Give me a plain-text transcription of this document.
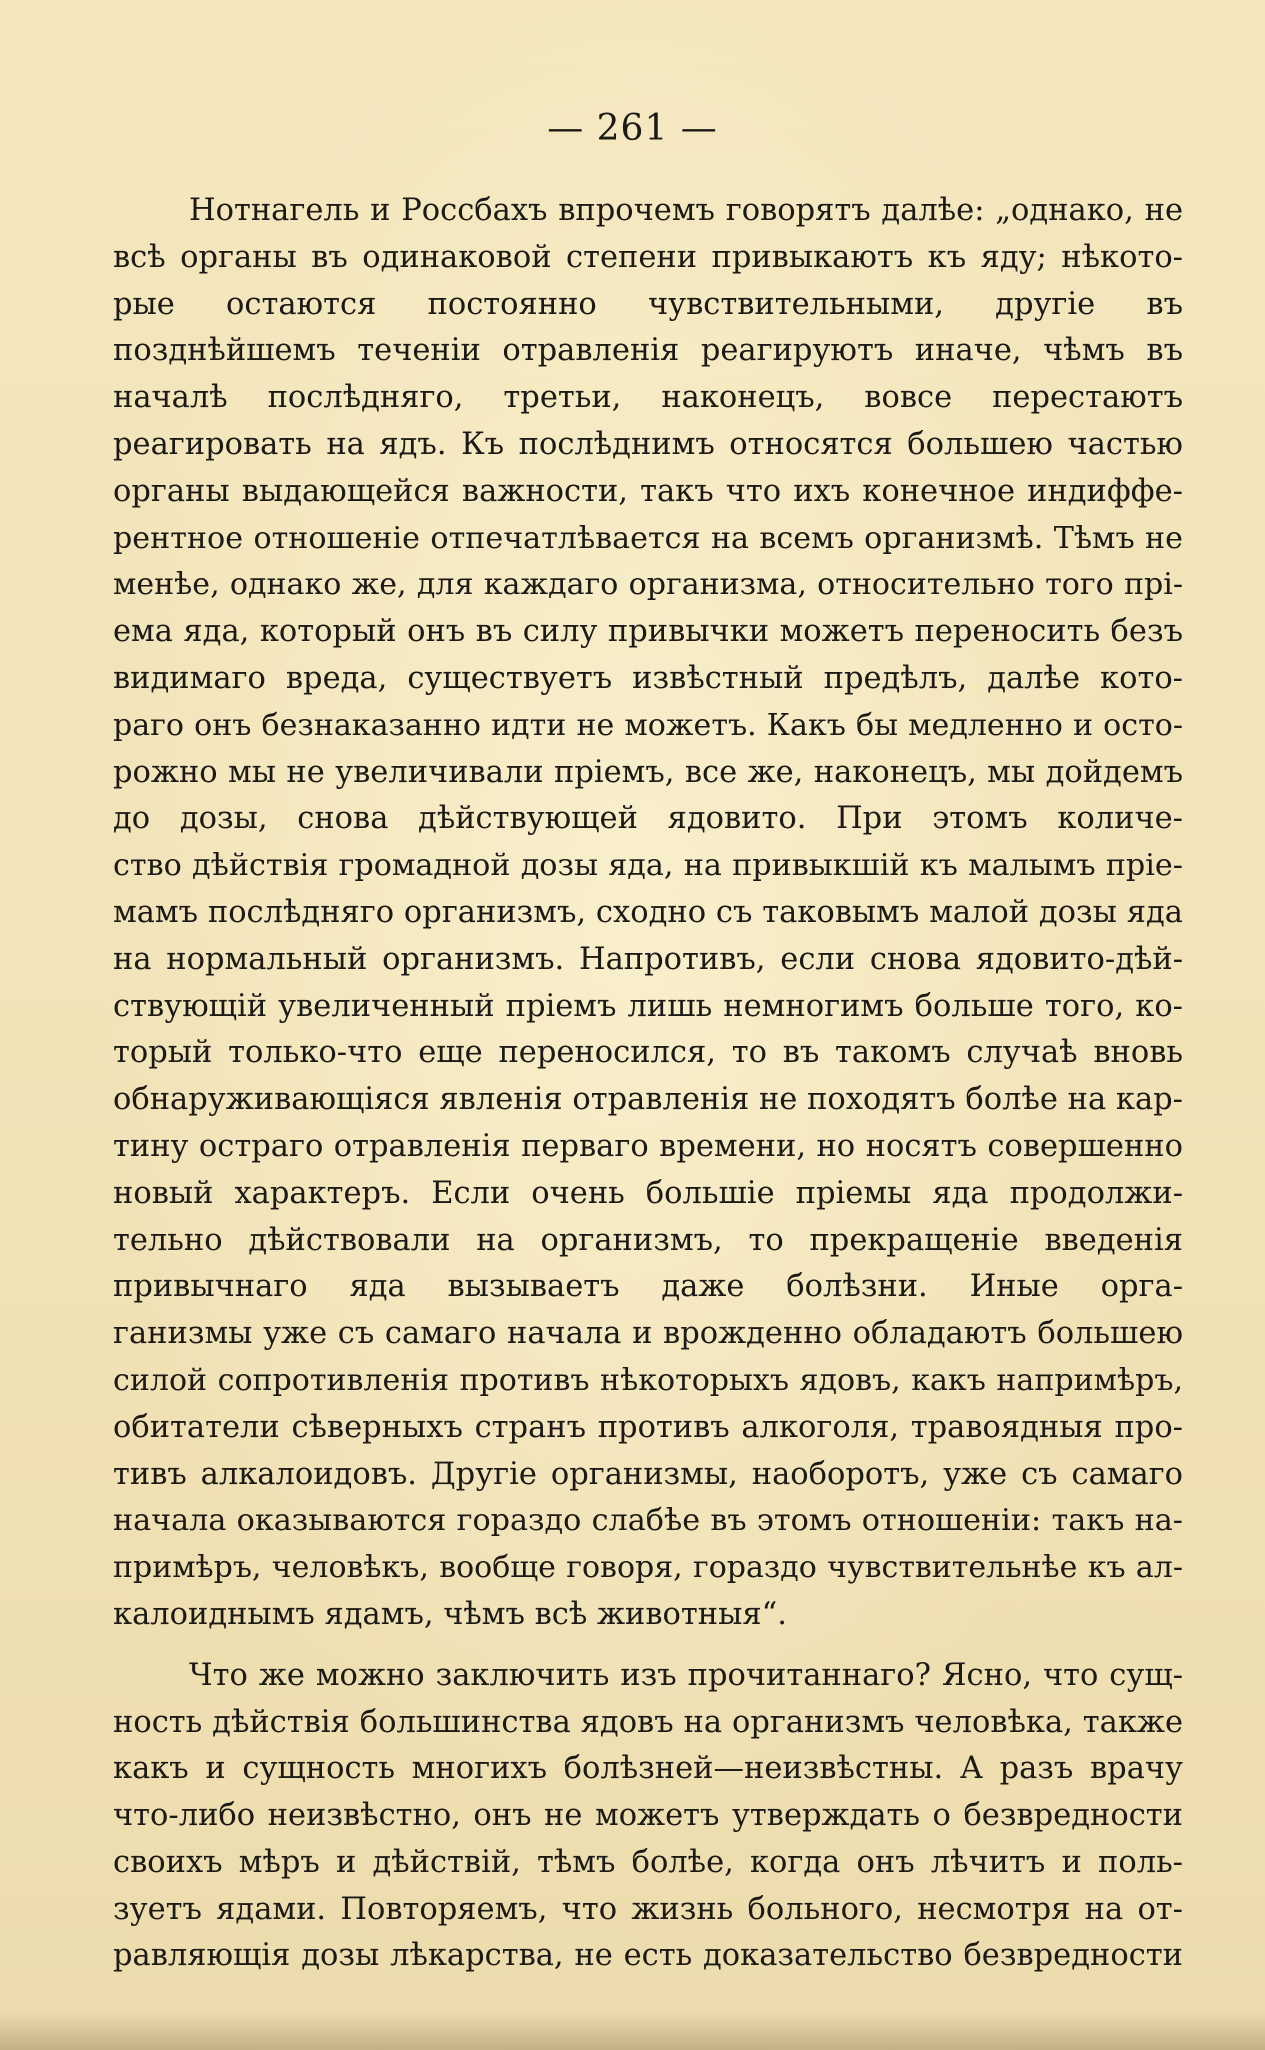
— 261 —
Нотнагель и Россбахъ впрочемъ говорятъ далѣе: „однако, не
всѣ органы въ одинаковой степени привыкаютъ къ яду; нѣкото-
рые остаются постоянно чувствительными, другіе въ
позднѣйшемъ теченіи отравленія реагируютъ иначе, чѣмъ въ
началѣ послѣдняго, третьи, наконецъ, вовсе перестаютъ
реагировать на ядъ. Къ послѣднимъ относятся большею частью
органы выдающейся важности, такъ что ихъ конечное индиффе-
рентное отношеніе отпечатлѣвается на всемъ организмѣ. Тѣмъ не
менѣе, однако же, для каждаго организма, относительно того прі-
ема яда, который онъ въ силу привычки можетъ переносить безъ
видимаго вреда, существуетъ извѣстный предѣлъ, далѣе кото-
раго онъ безнаказанно идти не можетъ. Какъ бы медленно и осто-
рожно мы не увеличивали пріемъ, все же, наконецъ, мы дойдемъ
до дозы, снова дѣйствующей ядовито. При этомъ количе-
ство дѣйствія громадной дозы яда, на привыкшій къ малымъ пріе-
мамъ послѣдняго организмъ, сходно съ таковымъ малой дозы яда
на нормальный организмъ. Напротивъ, если снова ядовито-дѣй-
ствующій увеличенный пріемъ лишь немногимъ больше того, ко-
торый только-что еще переносился, то въ такомъ случаѣ вновь
обнаруживающіяся явленія отравленія не походятъ болѣе на кар-
тину остраго отравленія перваго времени, но носятъ совершенно
новый характеръ. Если очень большіе пріемы яда продолжи-
тельно дѣйствовали на организмъ, то прекращеніе введенія
привычнаго яда вызываетъ даже болѣзни. Иные орга-
ганизмы уже съ самаго начала и врожденно обладаютъ большею
силой сопротивленія противъ нѣкоторыхъ ядовъ, какъ напримѣръ,
обитатели сѣверныхъ странъ противъ алкоголя, травоядныя про-
тивъ алкалоидовъ. Другіе организмы, наоборотъ, уже съ самаго
начала оказываются гораздо слабѣе въ этомъ отношеніи: такъ на-
примѣръ, человѣкъ, вообще говоря, гораздо чувствительнѣе къ ал-
калоиднымъ ядамъ, чѣмъ всѣ животныя“.
Что же можно заключить изъ прочитаннаго? Ясно, что сущ-
ность дѣйствія большинства ядовъ на организмъ человѣка, также
какъ и сущность многихъ болѣзней—неизвѣстны. А разъ врачу
что-либо неизвѣстно, онъ не можетъ утверждать о безвредности
своихъ мѣръ и дѣйствій, тѣмъ болѣе, когда онъ лѣчитъ и поль-
зуетъ ядами. Повторяемъ, что жизнь больного, несмотря на от-
равляющія дозы лѣкарства, не есть доказательство безвредности
